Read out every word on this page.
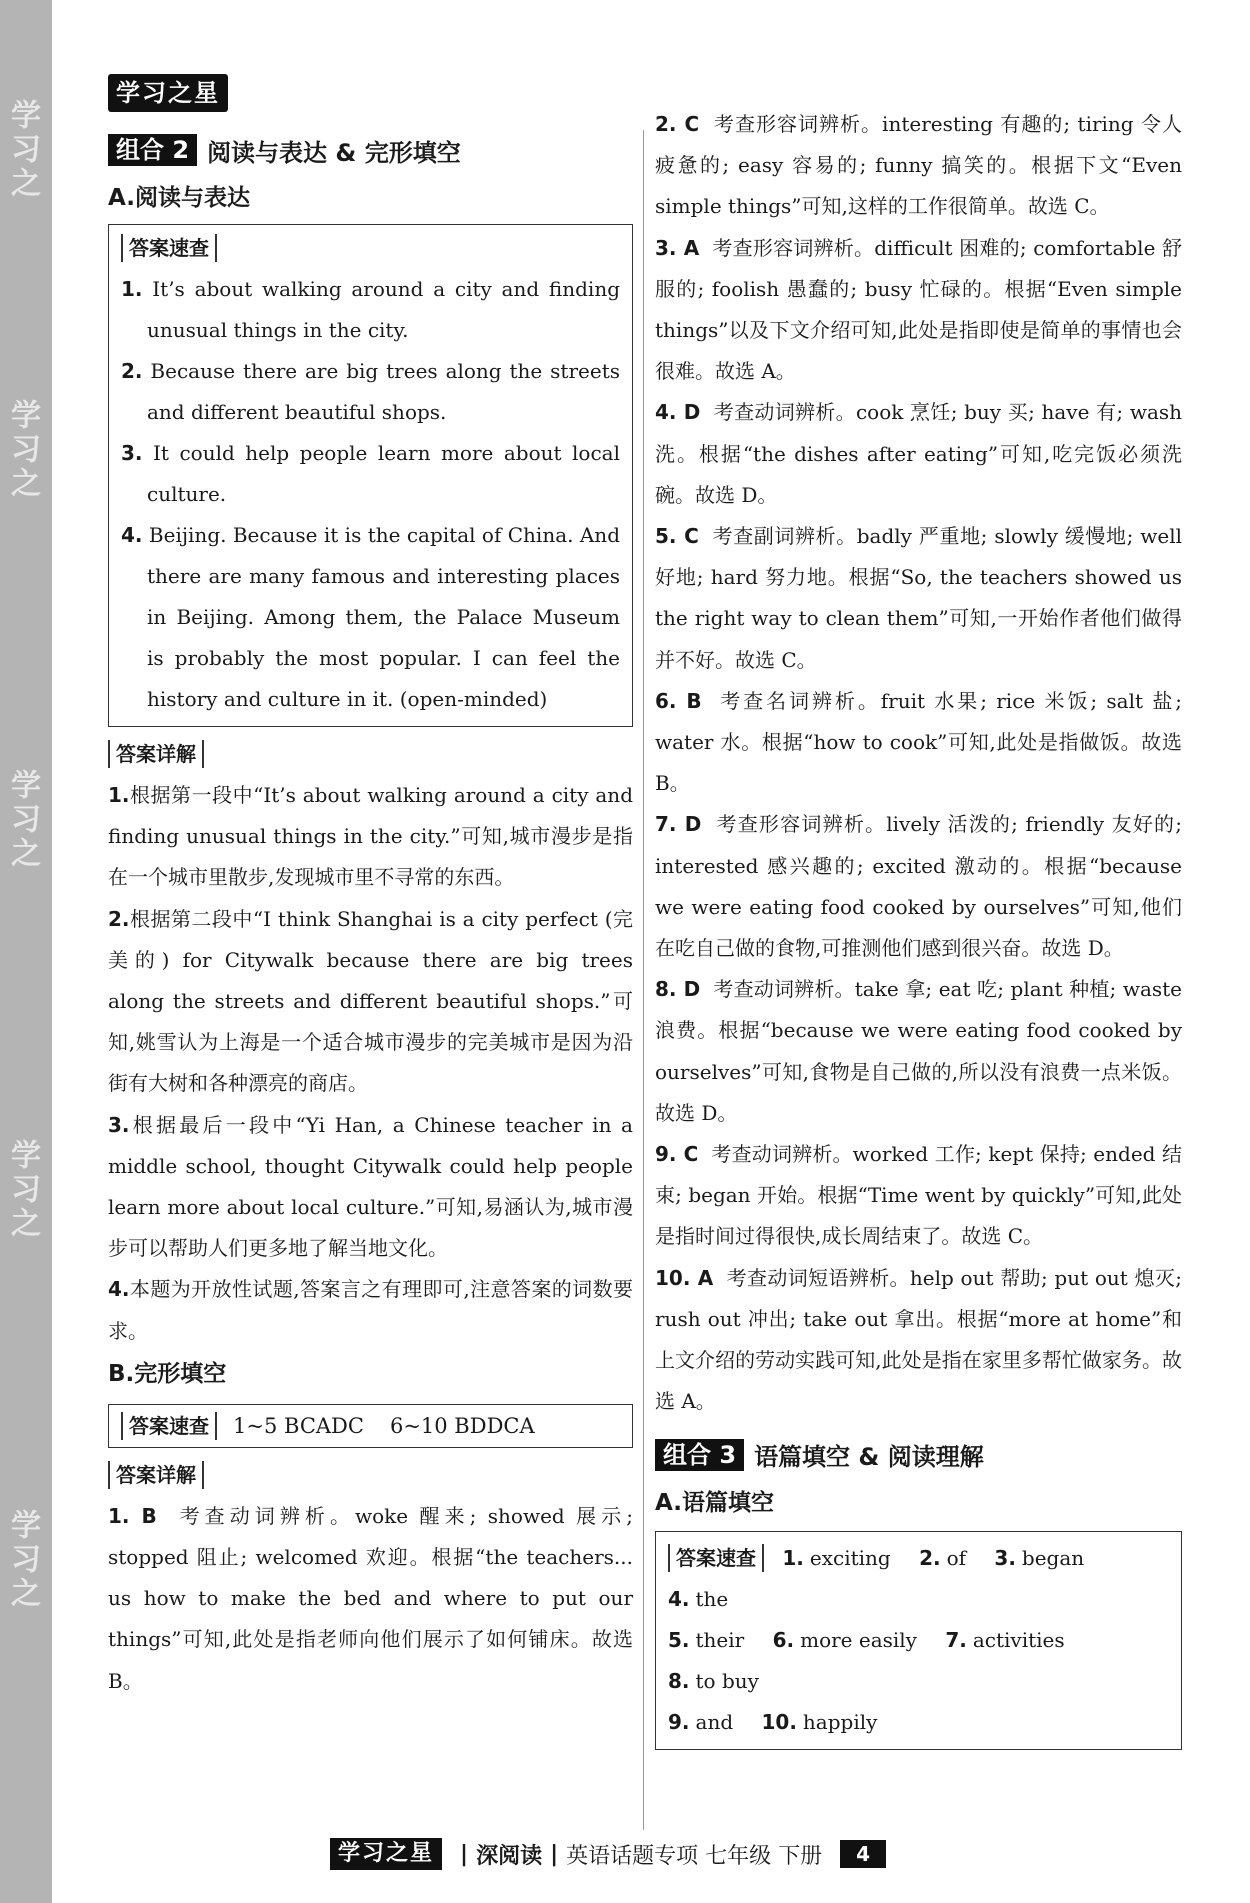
学习之
学习之
学习之
学习之
学习之
学习之星
组合 2 阅读与表达 & 完形填空
A.阅读与表达
答案速查
1. It’s about walking around a city and finding unusual things in the city.
2. Because there are big trees along the streets and different beautiful shops.
3. It could help people learn more about local culture.
4. Beijing. Because it is the capital of China. And there are many famous and interesting places in Beijing. Among them, the Palace Museum is probably the most popular. I can feel the history and culture in it. (open-minded)
答案详解

1.根据第一段中“It’s about walking around a city and finding unusual things in the city.”可知,城市漫步是指在一个城市里散步,发现城市里不寻常的东西。

2.根据第二段中“I think Shanghai is a city perfect (完美的) for Citywalk because there are big trees along the streets and different beautiful shops.”可知,姚雪认为上海是一个适合城市漫步的完美城市是因为沿街有大树和各种漂亮的商店。

3.根据最后一段中“Yi Han, a Chinese teacher in a middle school, thought Citywalk could help people learn more about local culture.”可知,易涵认为,城市漫步可以帮助人们更多地了解当地文化。

4.本题为开放性试题,答案言之有理即可,注意答案的词数要求。

B.完形填空
答案速查	1~5 BCADC 6~10 BDDCA
答案详解

1. B 考查动词辨析。woke 醒来; showed 展示; stopped 阻止; welcomed 欢迎。根据“the teachers... us how to make the bed and where to put our things”可知,此处是指老师向他们展示了如何铺床。故选 B。

2. C 考查形容词辨析。interesting 有趣的; tiring 令人疲惫的; easy 容易的; funny 搞笑的。根据下文“Even simple things”可知,这样的工作很简单。故选 C。

3. A 考查形容词辨析。difficult 困难的; comfortable 舒服的; foolish 愚蠢的; busy 忙碌的。根据“Even simple things”以及下文介绍可知,此处是指即使是简单的事情也会很难。故选 A。

4. D 考查动词辨析。cook 烹饪; buy 买; have 有; wash 洗。根据“the dishes after eating”可知,吃完饭必须洗碗。故选 D。

5. C 考查副词辨析。badly 严重地; slowly 缓慢地; well 好地; hard 努力地。根据“So, the teachers showed us the right way to clean them”可知,一开始作者他们做得并不好。故选 C。

6. B 考查名词辨析。fruit 水果; rice 米饭; salt 盐; water 水。根据“how to cook”可知,此处是指做饭。故选 B。

7. D 考查形容词辨析。lively 活泼的; friendly 友好的; interested 感兴趣的; excited 激动的。根据“because we were eating food cooked by ourselves”可知,他们在吃自己做的食物,可推测他们感到很兴奋。故选 D。

8. D 考查动词辨析。take 拿; eat 吃; plant 种植; waste 浪费。根据“because we were eating food cooked by ourselves”可知,食物是自己做的,所以没有浪费一点米饭。故选 D。

9. C 考查动词辨析。worked 工作; kept 保持; ended 结束; began 开始。根据“Time went by quickly”可知,此处是指时间过得很快,成长周结束了。故选 C。

10. A 考查动词短语辨析。help out 帮助; put out 熄灭; rush out 冲出; take out 拿出。根据“more at home”和上文介绍的劳动实践可知,此处是指在家里多帮忙做家务。故选 A。

组合 3 语篇填空 & 阅读理解
A.语篇填空
答案速查 1. exciting 2. of 3. began 4. the
5. their 6. more easily 7. activities 8. to buy
9. and 10. happily
学习之星	| 深阅读 | 英语话题专项 七年级 下册	4
